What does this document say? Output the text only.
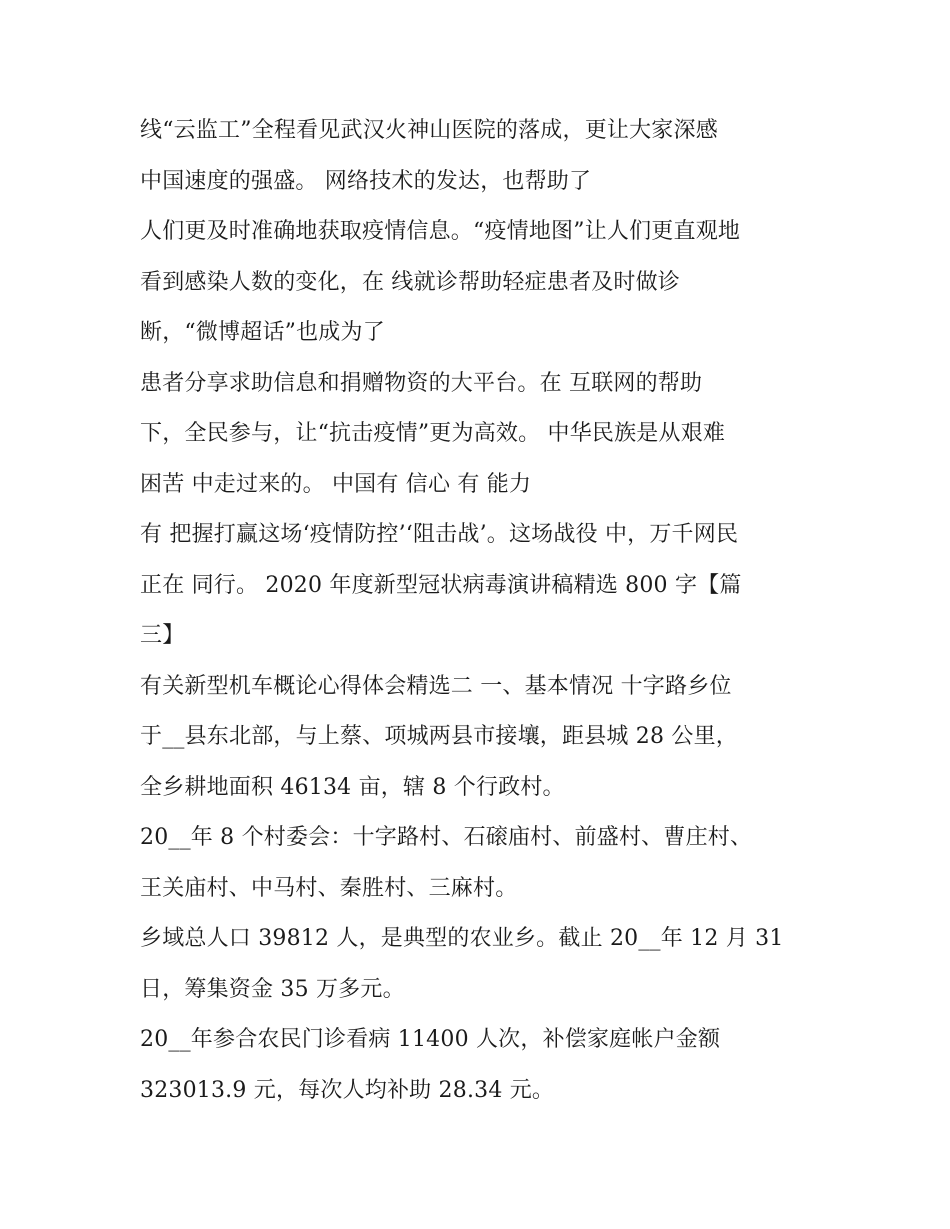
线“云监工”全程看见武汉火神山医院的落成，更让大家深感
中国速度的强盛。 网络技术的发达，也帮助了
人们更及时准确地获取疫情信息。“疫情地图”让人们更直观地
看到感染人数的变化，在 线就诊帮助轻症患者及时做诊
断，“微博超话”也成为了
患者分享求助信息和捐赠物资的大平台。在 互联网的帮助
下，全民参与，让“抗击疫情”更为高效。 中华民族是从艰难
困苦 中走过来的。 中国有 信心 有 能力
有 把握打赢这场‘疫情防控’‘阻击战’。这场战役 中，万千网民
正在 同行。 2020 年度新型冠状病毒演讲稿精选 800 字【篇
三】
有关新型机车概论心得体会精选二 一、基本情况 十字路乡位
于__县东北部，与上蔡、项城两县市接壤，距县城 28 公里，
全乡耕地面积 46134 亩，辖 8 个行政村。
20__年 8 个村委会：十字路村、石磙庙村、前盛村、曹庄村、
王关庙村、中马村、秦胜村、三麻村。
乡域总人口 39812 人，是典型的农业乡。截止 20__年 12 月 31
日，筹集资金 35 万多元。
20__年参合农民门诊看病 11400 人次，补偿家庭帐户金额
323013.9 元，每次人均补助 28.34 元。
